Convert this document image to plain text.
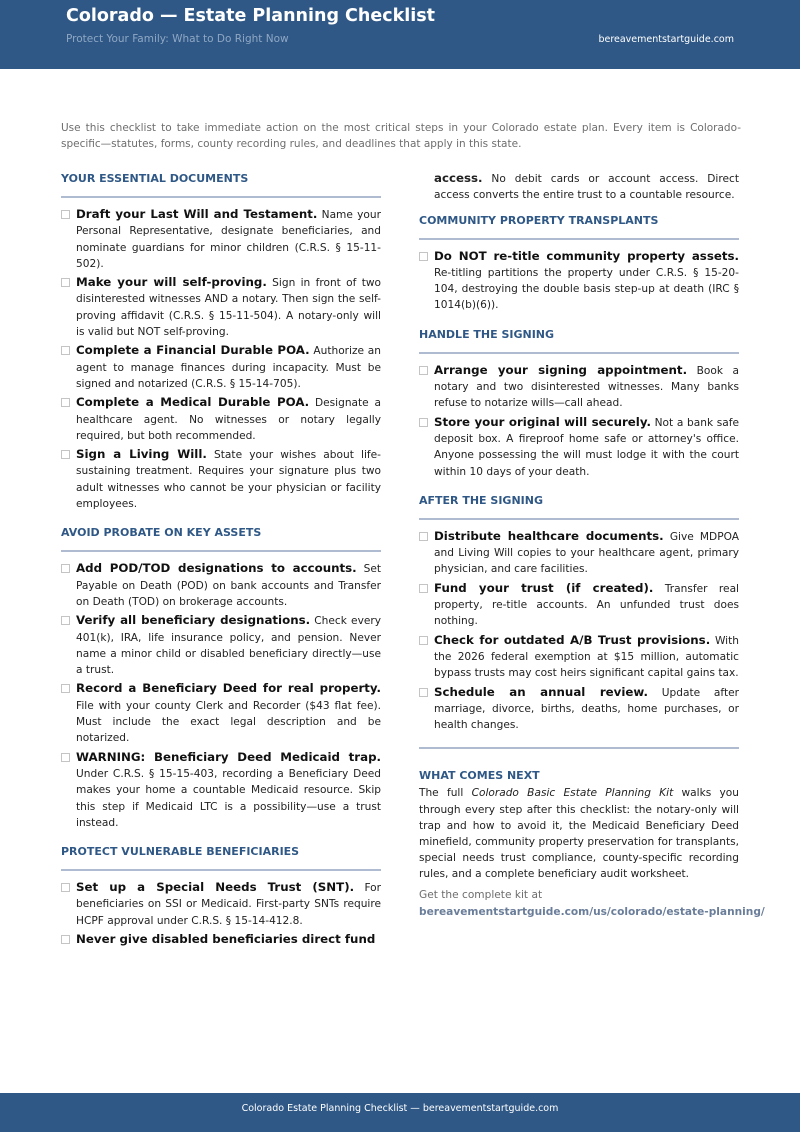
Colorado — Estate Planning Checklist
Protect Your Family: What to Do Right Now	bereavementstartguide.com
Use this checklist to take immediate action on the most critical steps in your Colorado estate plan. Every item is Colorado-specific—statutes, forms, county recording rules, and deadlines that apply in this state.
YOUR ESSENTIAL DOCUMENTS
Draft your Last Will and Testament. Name your Personal Representative, designate beneficiaries, and nominate guardians for minor children (C.R.S. § 15-11-502).
Make your will self-proving. Sign in front of two disinterested witnesses AND a notary. Then sign the self-proving affidavit (C.R.S. § 15-11-504). A notary-only will is valid but NOT self-proving.
Complete a Financial Durable POA. Authorize an agent to manage finances during incapacity. Must be signed and notarized (C.R.S. § 15-14-705).
Complete a Medical Durable POA. Designate a healthcare agent. No witnesses or notary legally required, but both recommended.
Sign a Living Will. State your wishes about life-sustaining treatment. Requires your signature plus two adult witnesses who cannot be your physician or facility employees.
AVOID PROBATE ON KEY ASSETS
Add POD/TOD designations to accounts. Set Payable on Death (POD) on bank accounts and Transfer on Death (TOD) on brokerage accounts.
Verify all beneficiary designations. Check every 401(k), IRA, life insurance policy, and pension. Never name a minor child or disabled beneficiary directly—use a trust.
Record a Beneficiary Deed for real property. File with your county Clerk and Recorder ($43 flat fee). Must include the exact legal description and be notarized.
WARNING: Beneficiary Deed Medicaid trap. Under C.R.S. § 15-15-403, recording a Beneficiary Deed makes your home a countable Medicaid resource. Skip this step if Medicaid LTC is a possibility—use a trust instead.
PROTECT VULNERABLE BENEFICIARIES
Set up a Special Needs Trust (SNT). For beneficiaries on SSI or Medicaid. First-party SNTs require HCPF approval under C.R.S. § 15-14-412.8.
Never give disabled beneficiaries direct fund
access. No debit cards or account access. Direct access converts the entire trust to a countable resource.
COMMUNITY PROPERTY TRANSPLANTS
Do NOT re-title community property assets. Re-titling partitions the property under C.R.S. § 15-20-104, destroying the double basis step-up at death (IRC § 1014(b)(6)).
HANDLE THE SIGNING
Arrange your signing appointment. Book a notary and two disinterested witnesses. Many banks refuse to notarize wills—call ahead.
Store your original will securely. Not a bank safe deposit box. A fireproof home safe or attorney's office. Anyone possessing the will must lodge it with the court within 10 days of your death.
AFTER THE SIGNING
Distribute healthcare documents. Give MDPOA and Living Will copies to your healthcare agent, primary physician, and care facilities.
Fund your trust (if created). Transfer real property, re-title accounts. An unfunded trust does nothing.
Check for outdated A/B Trust provisions. With the 2026 federal exemption at $15 million, automatic bypass trusts may cost heirs significant capital gains tax.
Schedule an annual review. Update after marriage, divorce, births, deaths, home purchases, or health changes.
WHAT COMES NEXT
The full Colorado Basic Estate Planning Kit walks you through every step after this checklist: the notary-only will trap and how to avoid it, the Medicaid Beneficiary Deed minefield, community property preservation for transplants, special needs trust compliance, county-specific recording rules, and a complete beneficiary audit worksheet.
Get the complete kit at
bereavementstartguide.com/us/colorado/estate-planning/
Colorado Estate Planning Checklist — bereavementstartguide.com
